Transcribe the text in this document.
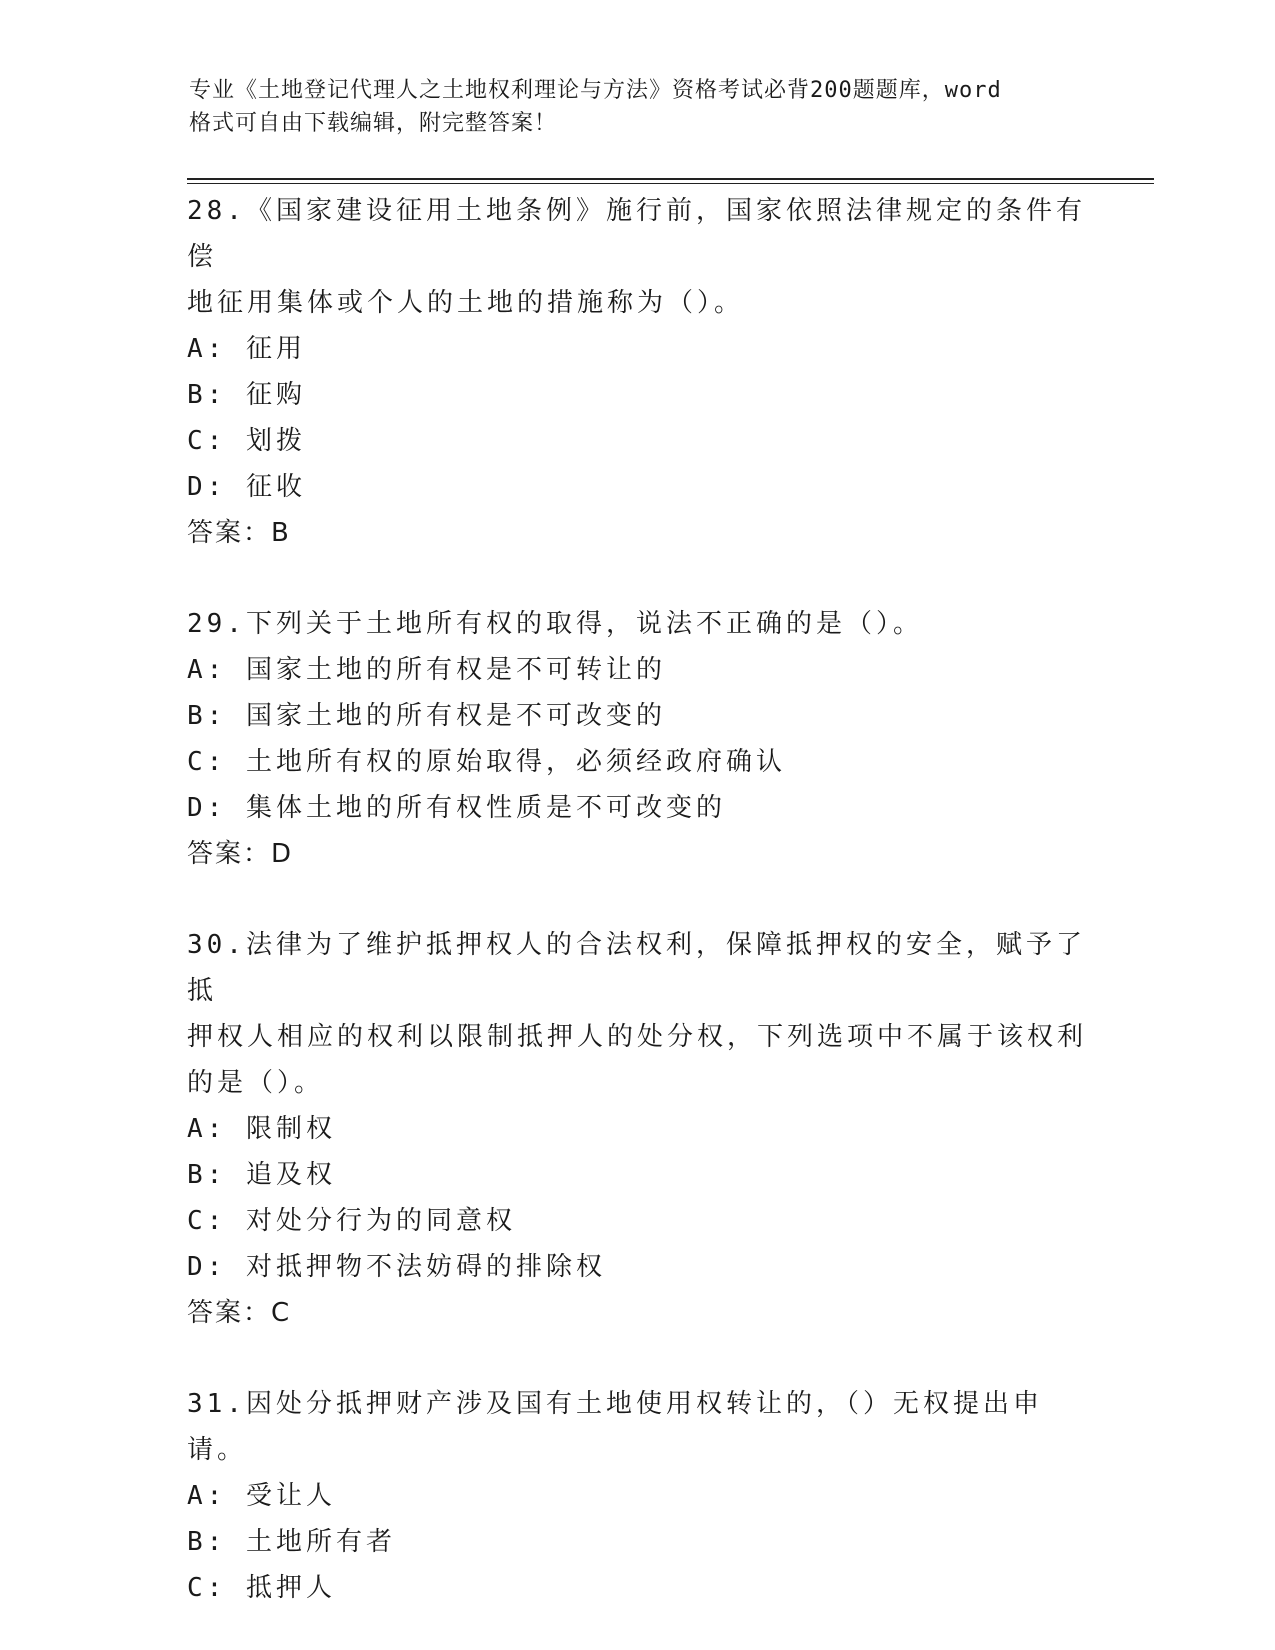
专业《土地登记代理人之土地权利理论与方法》资格考试必背200题题库，word
格式可自由下载编辑，附完整答案！

28.《国家建设征用土地条例》施行前，国家依照法律规定的条件有偿

地征用集体或个人的土地的措施称为（）。

A: 征用

B: 征购

C: 划拨

D: 征收

答案：B

29.下列关于土地所有权的取得，说法不正确的是（）。

A: 国家土地的所有权是不可转让的

B: 国家土地的所有权是不可改变的

C: 土地所有权的原始取得，必须经政府确认

D: 集体土地的所有权性质是不可改变的

答案：D

30.法律为了维护抵押权人的合法权利，保障抵押权的安全，赋予了抵

押权人相应的权利以限制抵押人的处分权，下列选项中不属于该权利

的是（）。

A: 限制权

B: 追及权

C: 对处分行为的同意权

D: 对抵押物不法妨碍的排除权

答案：C

31.因处分抵押财产涉及国有土地使用权转让的，（）无权提出申请。

A: 受让人

B: 土地所有者

C: 抵押人
